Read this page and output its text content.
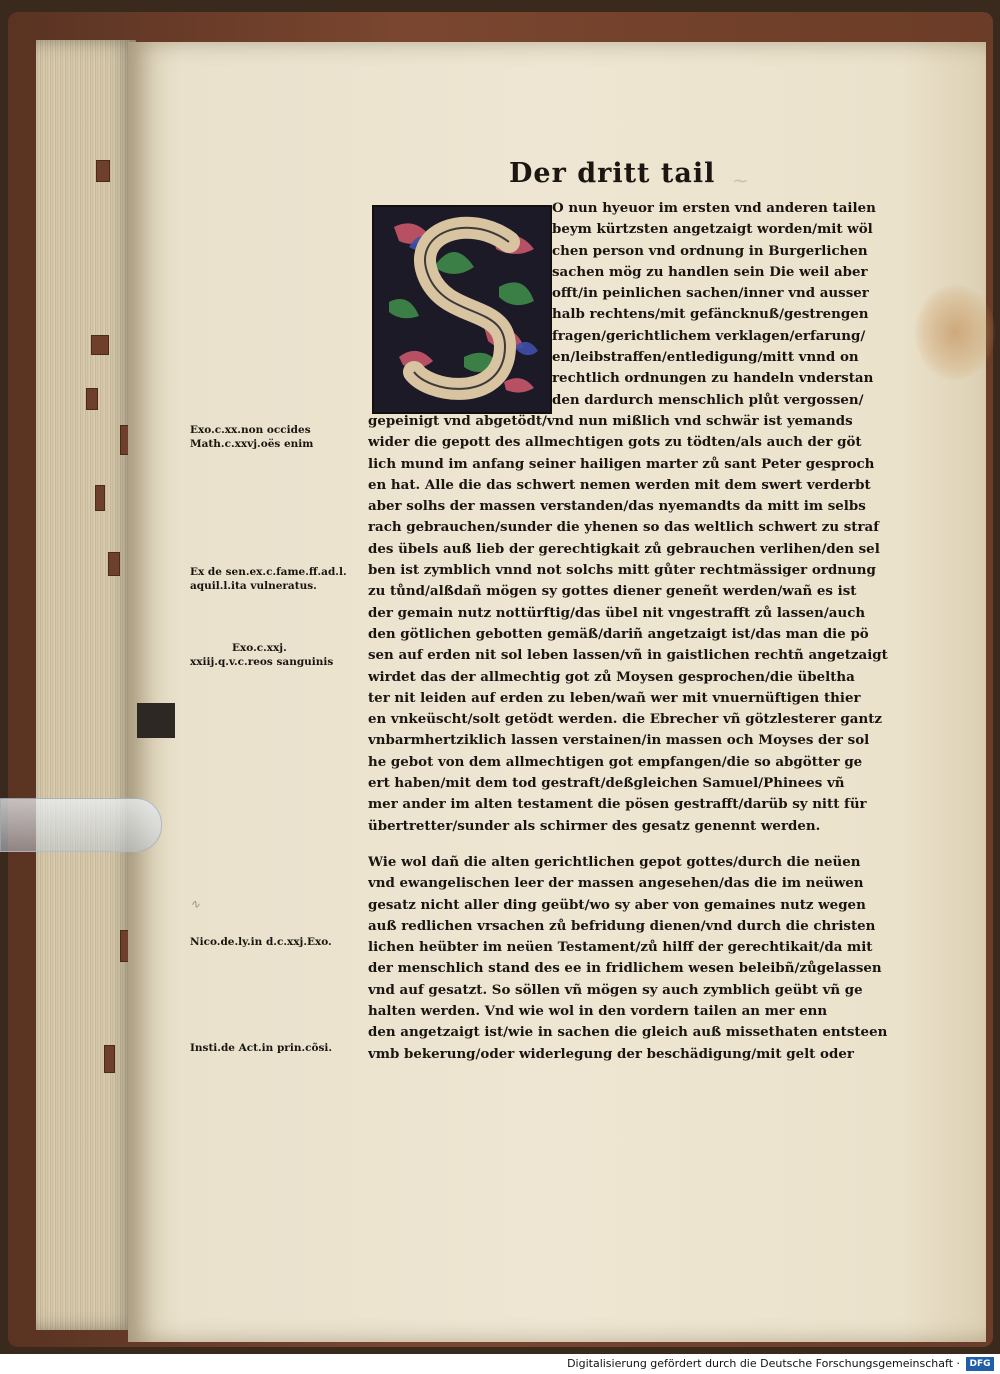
Der dritt tail ~
O nun hyeuor im ersten vnd anderen tailen
beym kürtzsten angetzaigt worden/mit wöl
chen person vnd ordnung in Burgerlichen
sachen mög zu handlen sein Die weil aber
offt/in peinlichen sachen/inner vnd ausser
halb rechtens/mit gefäncknuß/gestrengen
fragen/gerichtlichem verklagen/erfarung/
en/leibstraffen/entledigung/mitt vnnd on
rechtlich ordnungen zu handeln vnderstan
den dardurch menschlich plůt vergossen/
gepeinigt vnd abgetödt/vnd nun mißlich vnd schwär ist yemands
wider die gepott des allmechtigen gots zu tödten/als auch der göt
lich mund im anfang seiner hailigen marter zů sant Peter gesproch
en hat. Alle die das schwert nemen werden mit dem swert verderbt
aber solhs der massen verstanden/das nyemandts da mitt im selbs
rach gebrauchen/sunder die yhenen so das weltlich schwert zu straf
des übels auß lieb der gerechtigkait zů gebrauchen verlihen/den sel
ben ist zymblich vnnd not solchs mitt gůter rechtmässiger ordnung
zu tůnd/alßdañ mögen sy gottes diener geneñt werden/wañ es ist
der gemain nutz nottürftig/das übel nit vngestrafft zů lassen/auch
den götlichen gebotten gemäß/dariñ angetzaigt ist/das man die pö
sen auf erden nit sol leben lassen/vñ in gaistlichen rechtñ angetzaigt
wirdet das der allmechtig got zů Moysen gesprochen/die übeltha
ter nit leiden auf erden zu leben/wañ wer mit vnuernüftigen thier
en vnkeüscht/solt getödt werden. die Ebrecher vñ götzlesterer gantz
vnbarmhertziklich lassen verstainen/in massen och Moyses der sol
he gebot von dem allmechtigen got empfangen/die so abgötter ge
ert haben/mit dem tod gestraft/deßgleichen Samuel/Phinees vñ
mer ander im alten testament die pösen gestrafft/darüb sy nitt für
übertretter/sunder als schirmer des gesatz genennt werden.
Wie wol dañ die alten gerichtlichen gepot gottes/durch die neüen
vnd ewangelischen leer der massen angesehen/das die im neüwen
gesatz nicht aller ding geübt/wo sy aber von gemaines nutz wegen
auß redlichen vrsachen zů befridung dienen/vnd durch die christen
lichen heübter im neüen Testament/zů hilff der gerechtikait/da mit
der menschlich stand des ee in fridlichem wesen beleibñ/zůgelassen
vnd auf gesatzt. So söllen vñ mögen sy auch zymblich geübt vñ ge
halten werden. Vnd wie wol in den vordern tailen an mer enn
den angetzaigt ist/wie in sachen die gleich auß missethaten entsteen
vmb bekerung/oder widerlegung der beschädigung/mit gelt oder
Exo.c.xx.non occides
Math.c.xxvj.oës enim
Ex de sen.ex.c.fame.ff.ad.l.
aquil.l.ita vulneratus.
Exo.c.xxj.
xxiij.q.v.c.reos sanguinis
∿
Nico.de.ly.in d.c.xxj.Exo.
Insti.de Act.in prin.cõsi.
Digitalisierung gefördert durch die Deutsche Forschungsgemeinschaft ·	DFG
